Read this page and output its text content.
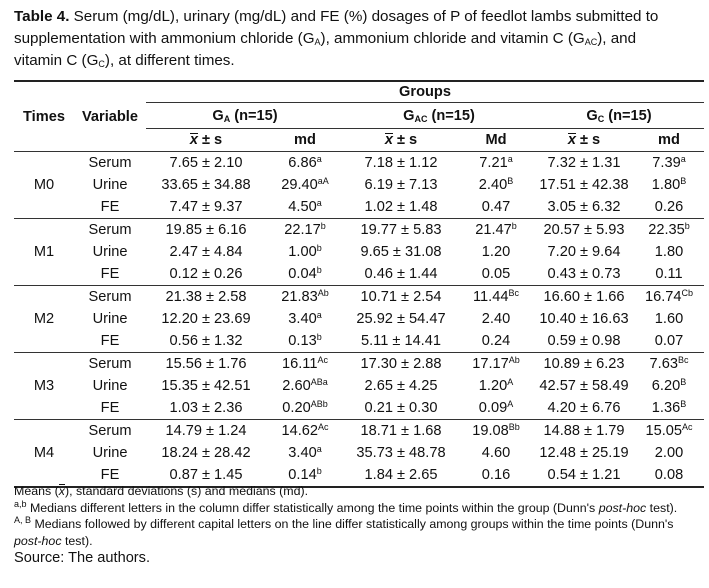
Table 4. Serum (mg/dL), urinary (mg/dL) and FE (%) dosages of P of feedlot lambs submitted to
supplementation with ammonium chloride $(G_A)$, ammonium chloride and vitamin C $(G_{AC})$, and
vitamin C $(G_C)$, at different times.
Times	Variable	Groups					
		$G_A$ (n=15)		$G_{AC}$ (n=15)		$G_C$ (n=15)	
		x ± s	md	x ± s	Md	x ± s	md
M0	Serum	7.65 ± 2.10	6.86$^a$	7.18 ± 1.12	7.21$^a$	7.32 ± 1.31	7.39$^a$
	Urine	33.65 ± 34.88	$29.40^{aA}$	6.19 ± 7.13	$2.40^B$	17.51 ± 42.38	$1.80^B$
	FE	7.47 ± 9.37	4.50$^a$	1.02 ± 1.48	0.47	3.05 ± 6.32	0.26
M1	Serum	19.85 ± 6.16	22.17$^b$	19.77 ± 5.83	21.47$^b$	20.57 ± 5.93	22.35$^b$
	Urine	2.47 ± 4.84	1.00$^b$	9.65 ± 31.08	1.20	7.20 ± 9.64	1.80
	FE	0.12 ± 0.26	0.04$^b$	0.46 ± 1.44	0.05	0.43 ± 0.73	0.11
M2	Serum	21.38 ± 2.58	$21.83^{Ab}$	10.71 ± 2.54	$11.44^{Bc}$	16.60 ± 1.66	$16.74^{Cb}$
	Urine	12.20 ± 23.69	3.40$^a$	25.92 ± 54.47	2.40	10.40 ± 16.63	1.60
	FE	0.56 ± 1.32	0.13$^b$	5.11 ± 14.41	0.24	0.59 ± 0.98	0.07
M3	Serum	15.56 ± 1.76	$16.11^{Ac}$	17.30 ± 2.88	$17.17^{Ab}$	10.89 ± 6.23	$7.63^{Bc}$
	Urine	15.35 ± 42.51	$2.60^{ABa}$	2.65 ± 4.25	$1.20^A$	42.57 ± 58.49	$6.20^B$
	FE	1.03 ± 2.36	$0.20^{ABb}$	0.21 ± 0.30	$0.09^A$	4.20 ± 6.76	$1.36^B$
M4	Serum	14.79 ± 1.24	$14.62^{Ac}$	18.71 ± 1.68	$19.08^{Bb}$	14.88 ± 1.79	$15.05^{Ac}$
	Urine	18.24 ± 28.42	3.40$^a$	35.73 ± 48.78	4.60	12.48 ± 25.19	2.00
	FE	0.87 ± 1.45	0.14$^b$	1.84 ± 2.65	0.16	0.54 ± 1.21	0.08

Means (x), standard deviations (s) and medians (md).

$^{a,b}$ Medians different letters in the column differ statistically among the time points within the group (Dunn's post-hoc test).

$^{A, B}$ Medians followed by different capital letters on the line differ statistically among groups within the time points (Dunn's post-hoc test).

Source: The authors.
